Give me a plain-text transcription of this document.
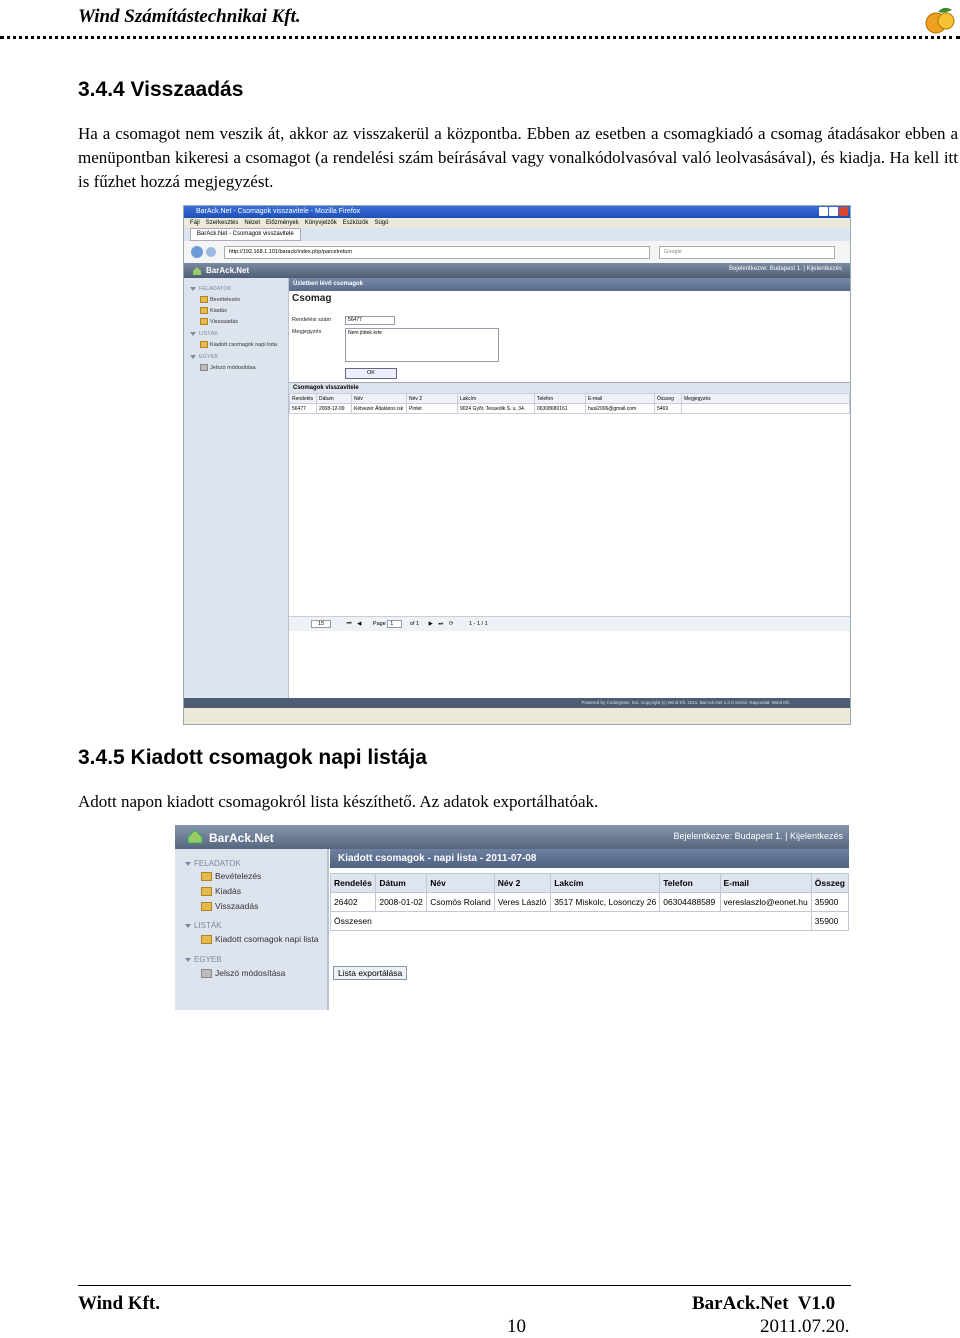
Wind Számítástechnikai Kft.
3.4.4 Visszaadás
Ha a csomagot nem veszik át, akkor az visszakerül a központba. Ebben az esetben a csomagkiadó a csomag átadásakor ebben a menüpontban kikeresi a csomagot (a rendelési szám beírásával vagy vonalkódolvasóval való leolvasásával), és kiadja. Ha kell itt is fűzhet hozzá megjegyzést.
BarAck.Net - Csomagok visszavitele - Mozilla Firefox
Fájl Szerkesztés Nézet Előzmények Könyvjelzők Eszközök Súgó
BarAck.Net - Csomagok visszavitele
http://192.168.1.101/barack/index.php/parcelreturn	Google
BarAck.Net	Bejelentkezve: Budapest 1. | Kijelentkezés
FELADATOK
Bevételezés
Kiadás
Visszaadás
LISTÁK
Kiadott csomagok napi lista
EGYEB
Jelszó módosítása
Üzletben lévő csomagok
Csomag
Rendelési szám	56477
Megjegyzés	Nem jöttek érte
OK
Csomagok visszavitele
Rendelés	Dátum	Név	Név 2	Lakcím	Telefon	E-mail	Összeg	Megjegyzés
56477	2008-12-09	Kétvezér Általános isk	Pintér	9024 Győr, Tessedik S. u. 34.	06308680161	husi2006@gmail.com	5469	
15	⏮ ◀ Page 1	of 1 ▶ ⏭ ⟳	1 - 1 / 1
Powered by CodeIgniter, Ext. Copyright (c) Wind Kft. 2011. BarAck.Net 1.0.0 verzió. Kapcsolat: Wind Kft.
3.4.5 Kiadott csomagok napi listája
Adott napon kiadott csomagokról lista készíthető. Az adatok exportálhatóak.
BarAck.Net	Bejelentkezve: Budapest 1. | Kijelentkezés
FELADATOK
Bevételezés
Kiadás
Visszaadás
LISTÁK
Kiadott csomagok napi lista
EGYEB
Jelszó módosítása
Kiadott csomagok - napi lista - 2011-07-08
Rendelés	Dátum	Név	Név 2	Lakcím	Telefon	E-mail	Összeg
26402	2008-01-02	Csomós Roland	Veres László	3517 Miskolc, Losonczy 26	06304488589	vereslaszlo@eonet.hu	35900
Összesen							35900
Lista exportálása
Wind Kft.
10
BarAck.Net  V1.0
2011.07.20.
